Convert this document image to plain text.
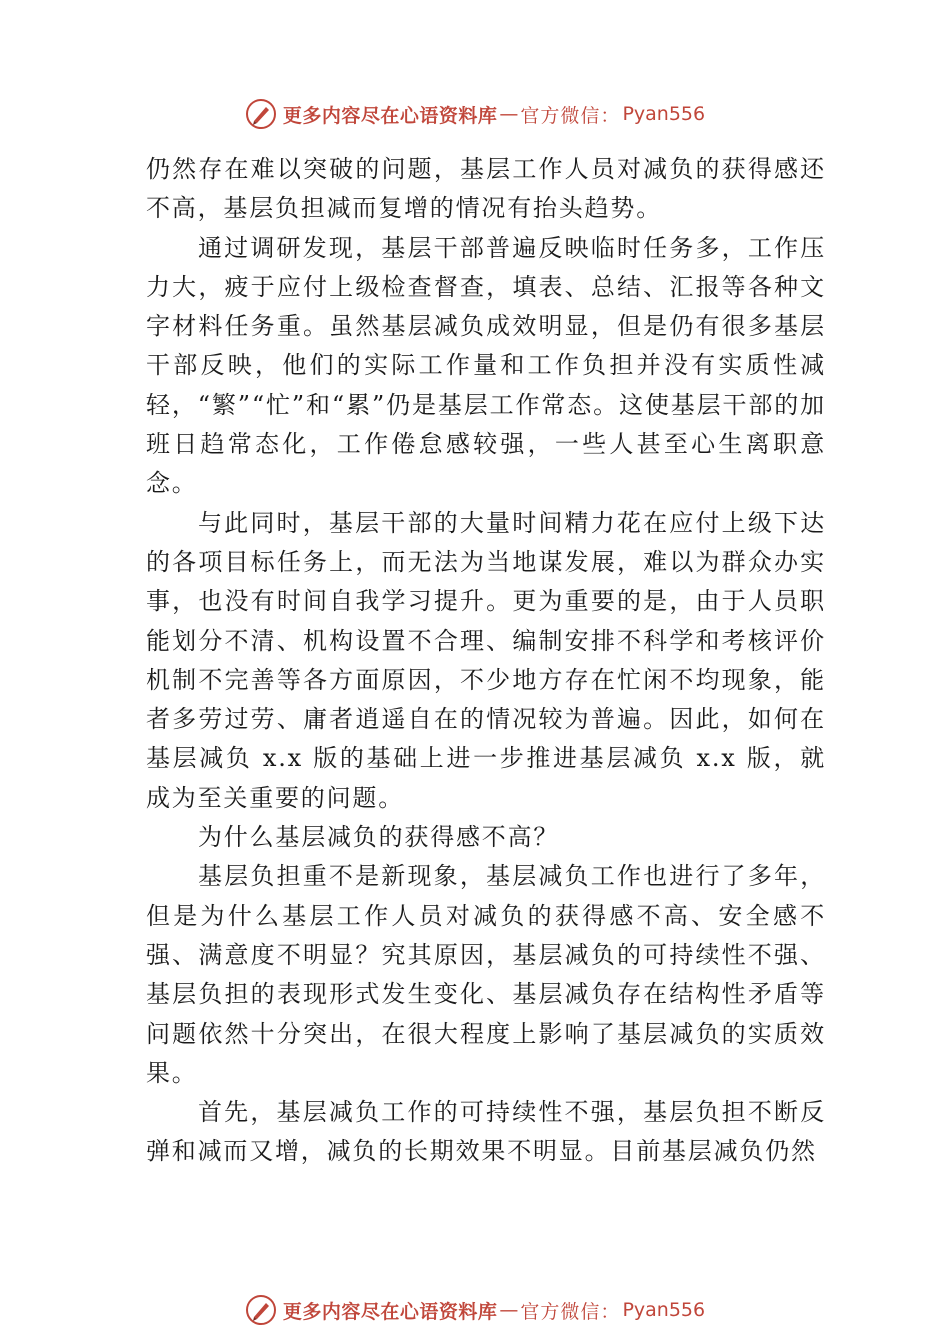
更多内容尽在心语资料库 — 官方微信： Pyan556

仍然存在难以突破的问题，基层工作人员对减负的获得感还不高，基层负担减而复增的情况有抬头趋势。

通过调研发现，基层干部普遍反映临时任务多，工作压力大，疲于应付上级检查督查，填表、总结、汇报等各种文字材料任务重。虽然基层减负成效明显，但是仍有很多基层干部反映，他们的实际工作量和工作负担并没有实质性减轻，“繁”“忙”和“累”仍是基层工作常态。这使基层干部的加班日趋常态化，工作倦怠感较强，一些人甚至心生离职意念。

与此同时，基层干部的大量时间精力花在应付上级下达的各项目标任务上，而无法为当地谋发展，难以为群众办实事，也没有时间自我学习提升。更为重要的是，由于人员职能划分不清、机构设置不合理、编制安排不科学和考核评价机制不完善等各方面原因，不少地方存在忙闲不均现象，能者多劳过劳、庸者逍遥自在的情况较为普遍。因此，如何在基层减负 x.x 版的基础上进一步推进基层减负 x.x 版，就成为至关重要的问题。

为什么基层减负的获得感不高？

基层负担重不是新现象，基层减负工作也进行了多年，但是为什么基层工作人员对减负的获得感不高、安全感不强、满意度不明显？究其原因，基层减负的可持续性不强、基层负担的表现形式发生变化、基层减负存在结构性矛盾等问题依然十分突出，在很大程度上影响了基层减负的实质效果。

首先，基层减负工作的可持续性不强，基层负担不断反弹和减而又增，减负的长期效果不明显。目前基层减负仍然

更多内容尽在心语资料库 — 官方微信： Pyan556
